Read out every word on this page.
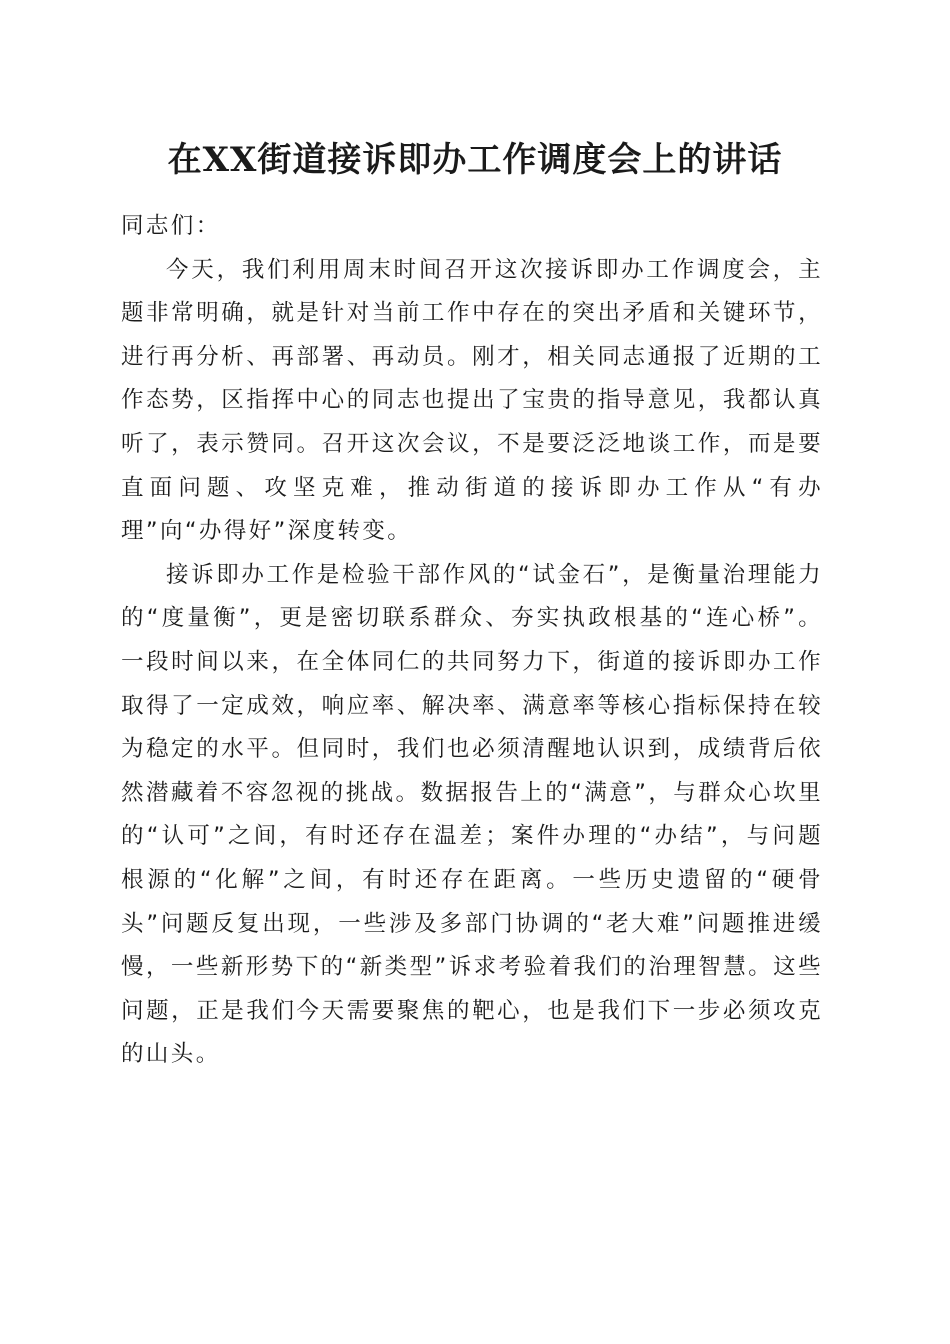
在XX街道接诉即办工作调度会上的讲话

同志们：

今天，我们利用周末时间召开这次接诉即办工作调度会，主题非常明确，就是针对当前工作中存在的突出矛盾和关键环节，进行再分析、再部署、再动员。刚才，相关同志通报了近期的工作态势，区指挥中心的同志也提出了宝贵的指导意见，我都认真听了，表示赞同。召开这次会议，不是要泛泛地谈工作，而是要直面问题、攻坚克难，推动街道的接诉即办工作从“有办理”向“办得好”深度转变。

接诉即办工作是检验干部作风的“试金石”，是衡量治理能力的“度量衡”，更是密切联系群众、夯实执政根基的“连心桥”。一段时间以来，在全体同仁的共同努力下，街道的接诉即办工作取得了一定成效，响应率、解决率、满意率等核心指标保持在较为稳定的水平。但同时，我们也必须清醒地认识到，成绩背后依然潜藏着不容忽视的挑战。数据报告上的“满意”，与群众心坎里的“认可”之间，有时还存在温差；案件办理的“办结”，与问题根源的“化解”之间，有时还存在距离。一些历史遗留的“硬骨头”问题反复出现，一些涉及多部门协调的“老大难”问题推进缓慢，一些新形势下的“新类型”诉求考验着我们的治理智慧。这些问题，正是我们今天需要聚焦的靶心，也是我们下一步必须攻克的山头。
